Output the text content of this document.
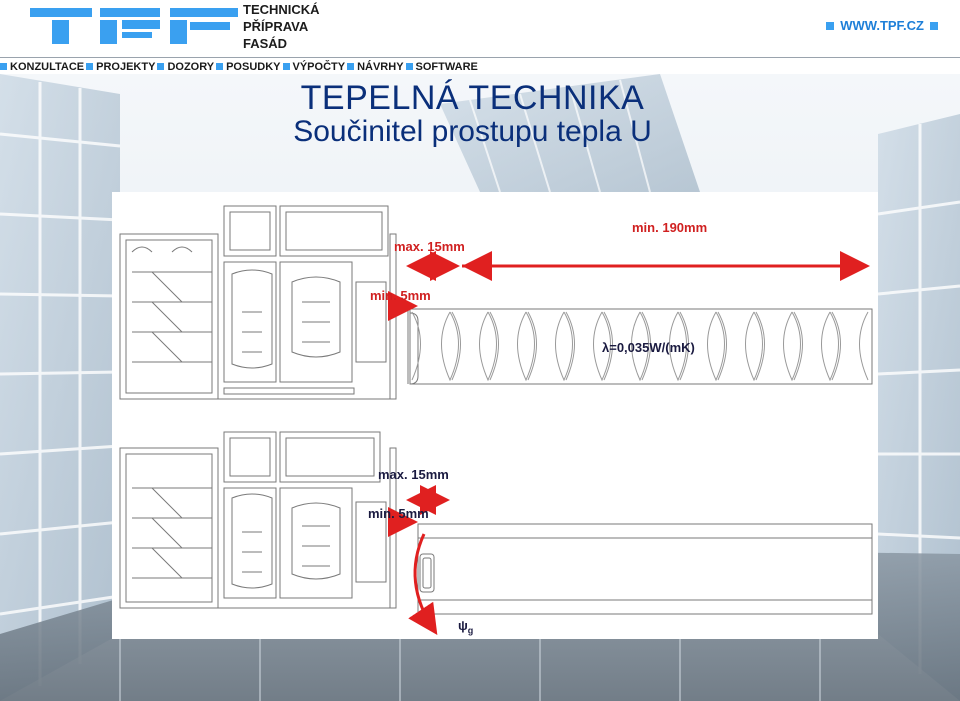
TECHNICKÁ
PŘÍPRAVA
FASÁD
WWW.TPF.CZ
KONZULTACE PROJEKTY DOZORY POSUDKY VÝPOČTY NÁVRHY SOFTWARE
TEPELNÁ TECHNIKA
Součinitel prostupu tepla U
max. 15mm
min. 190mm
min. 5mm
λ=0,035W/(mK)
max. 15mm
min. 5mm
$\psi_g$
